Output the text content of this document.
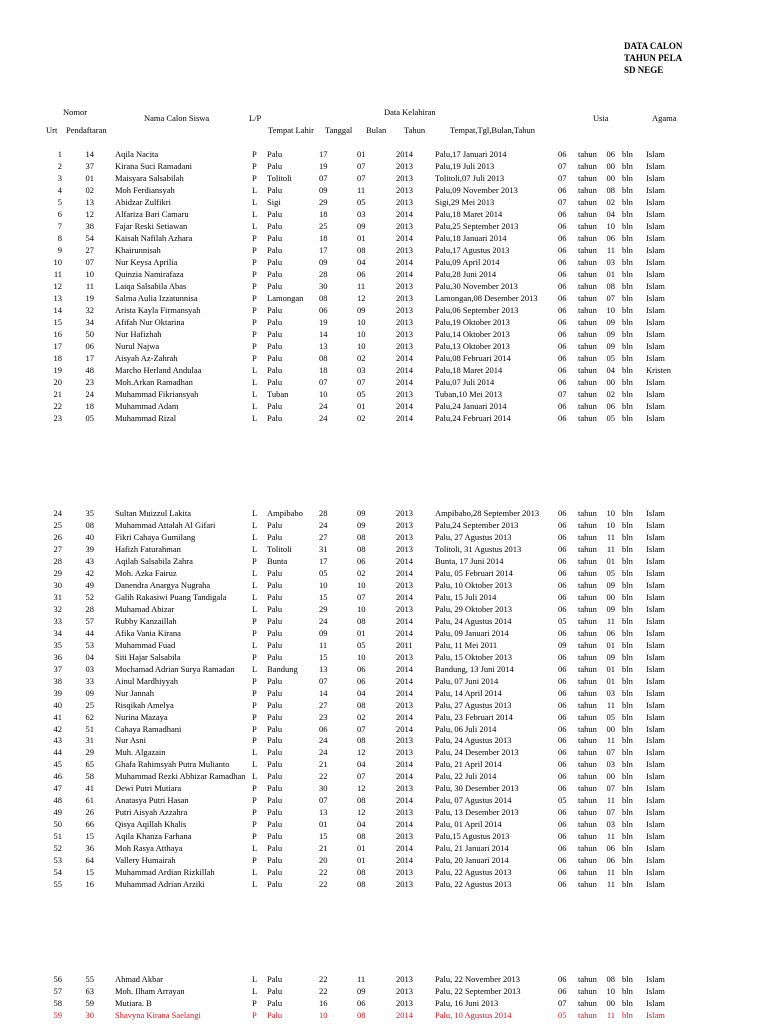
DATA CALON
TAHUN PELA
SD NEGE
Nomor
Nama Calon Siswa	L/P
Data Kelahiran
Usia	Agama
Urt Pendaftaran	Tempat Lahir Tanggal Bulan Tahun	Tempat,Tgl,Bulan,Tahun
1	14 Aqila Nacita	P	Palu	17	01	2014	Palu,17 Januari 2014	06	tahun	06 bln	Islam
2	37 Kirana Suci Ramadani	P	Palu	19	07	2013	Palu,19 Juli 2013	07	tahun	00 bln	Islam
3	01 Maisyara Salsabilah	P	Tolitoli	07	07	2013	Tolitoli,07 Juli 2013	07	tahun	00 bln	Islam
4	02 Moh Ferdiansyah	L	Palu	09	11	2013	Palu,09 November 2013	06	tahun	08 bln	Islam
5	13 Abidzar Zulfikri	L	Sigi	29	05	2013	Sigi,29 Mei 2013	07	tahun	02 bln	Islam
6	12 Alfariza Bari Camaru	L	Palu	18	03	2014	Palu,18 Maret 2014	06	tahun	04 bln	Islam
7	38 Fajar Reski Setiawan	L	Palu	25	09	2013	Palu,25 September 2013	06	tahun	10 bln	Islam
8	54 Kaisah Nafilah Azhara	P	Palu	18	01	2014	Palu,18 Januari 2014	06	tahun	06 bln	Islam
9	27 Khairunnisah	P	Palu	17	08	2013	Palu,17 Agustus 2013	06	tahun	11 bln	Islam
10	07 Nur Keysa Aprilia	P	Palu	09	04	2014	Palu,09 April 2014	06	tahun	03 bln	Islam
11	10 Quinzia Namirafaza	P	Palu	28	06	2014	Palu,28 Juni 2014	06	tahun	01 bln	Islam
12	11 Laiqa Salsabila Abas	P	Palu	30	11	2013	Palu,30 November 2013	06	tahun	08 bln	Islam
13	19 Salma Aulia Izzatunnisa	P	Lamongan	08	12	2013	Lamongan,08 Desember 2013	06	tahun	07 bln	Islam
14	32 Arista Kayla Firmansyah	P	Palu	06	09	2013	Palu,06 September 2013	06	tahun	10 bln	Islam
15	34 Afifah Nur Oktarina	P	Palu	19	10	2013	Palu,19 Oktober 2013	06	tahun	09 bln	Islam
16	50 Nur Hafizhah	P	Palu	14	10	2013	Palu,14 Oktober 2013	06	tahun	09 bln	Islam
17	06 Nurul Najwa	P	Palu	13	10	2013	Palu,13 Oktober 2013	06	tahun	09 bln	Islam
18	17 Aisyah Az-Zahrah	P	Palu	08	02	2014	Palu,08 Februari 2014	06	tahun	05 bln	Islam
19	48 Marcho Herland Andulaa	L	Palu	18	03	2014	Palu,18 Maret 2014	06	tahun	04 bln	Kristen
20	23 Moh.Arkan Ramadhan	L	Palu	07	07	2014	Palu,07 Juli 2014	06	tahun	00 bln	Islam
21	24 Muhammad Fikriansyah	L	Tuban	10	05	2013	Tuban,10 Mei 2013	07	tahun	02 bln	Islam
22	18 Muhammad Adam	L	Palu	24	01	2014	Palu,24 Januari 2014	06	tahun	06 bln	Islam
23	05 Muhammad Rizal	L	Palu	24	02	2014	Palu,24 Februari 2014	06	tahun	05 bln	Islam
24	35 Sultan Muizzul Lakita	L	Ampibabo	28	09	2013	Ampibabo,28 September 2013	06	tahun	10 bln	Islam
25	08 Muhammad Attalah Al Gifari	L	Palu	24	09	2013	Palu,24 September 2013	06	tahun	10 bln	Islam
26	40 Fikri Cahaya Gumilang	L	Palu	27	08	2013	Palu, 27 Agustus 2013	06	tahun	11 bln	Islam
27	39 Hafizh Faturahman	L	Tolitoli	31	08	2013	Tolitoli, 31 Agustus 2013	06	tahun	11 bln	Islam
28	43 Aqilah Salsabila Zahra	P	Bunta	17	06	2014	Bunta, 17 Juni 2014	06	tahun	01 bln	Islam
29	42 Moh. Azka Fairuz	L	Palu	05	02	2014	Palu, 05 Februari 2014	06	tahun	05 bln	Islam
30	49 Danendra Anargya Nugraha	L	Palu	10	10	2013	Palu, 10 Oktober 2013	06	tahun	09 bln	Islam
31	52 Galih Rakasiwi Puang Tandigala	L	Palu	15	07	2014	Palu, 15 Juli 2014	06	tahun	00 bln	Islam
32	28 Muhamad Abizar	L	Palu	29	10	2013	Palu, 29 Oktober 2013	06	tahun	09 bln	Islam
33	57 Rubby Kanzaillah	P	Palu	24	08	2014	Palu, 24 Agustus 2014	05	tahun	11 bln	Islam
34	44 Afika Vania Kirana	P	Palu	09	01	2014	Palu, 09 Januari 2014	06	tahun	06 bln	Islam
35	53 Muhammad Fuad	L	Palu	11	05	2011	Palu, 11 Mei 2011	09	tahun	01 bln	Islam
36	04 Siti Hajar Salsabila	P	Palu	15	10	2013	Palu, 15 Oktober 2013	06	tahun	09 bln	Islam
37	03 Mochamad Adrian Surya Ramadan	L	Bandung	13	06	2014	Bandung, 13 Juni 2014	06	tahun	01 bln	Islam
38	33 Ainul Mardhiyyah	P	Palu	07	06	2014	Palu, 07 Juni 2014	06	tahun	01 bln	Islam
39	09 Nur Jannah	P	Palu	14	04	2014	Palu, 14 April 2014	06	tahun	03 bln	Islam
40	25 Risqikah Amelya	P	Palu	27	08	2013	Palu, 27 Agustus 2013	06	tahun	11 bln	Islam
41	62 Nurina Mazaya	P	Palu	23	02	2014	Palu, 23 Februari 2014	06	tahun	05 bln	Islam
42	51 Cahaya Ramadhani	P	Palu	06	07	2014	Palu, 06 Juli 2014	06	tahun	00 bln	Islam
43	31 Nur Asni	P	Palu	24	08	2013	Palu, 24 Agustus 2013	06	tahun	11 bln	Islam
44	29 Muh. Algazain	L	Palu	24	12	2013	Palu, 24 Desember 2013	06	tahun	07 bln	Islam
45	65 Ghafa Rahimsyah Putra Mulianto	L	Palu	21	04	2014	Palu, 21 April 2014	06	tahun	03 bln	Islam
46	58 Muhammad Rezki Abhizar Ramadhan L	Palu	22	07	2014	Palu, 22 Juli 2014	06	tahun	00 bln	Islam
47	41 Dewi Putri Mutiara	P	Palu	30	12	2013	Palu, 30 Desember 2013	06	tahun	07 bln	Islam
48	61 Anatasya Putri Hasan	P	Palu	07	08	2014	Palu, 07 Agustus 2014	05	tahun	11 bln	Islam
49	26 Putri Aisyah Azzahra	P	Palu	13	12	2013	Palu, 13 Desember 2013	06	tahun	07 bln	Islam
50	66 Qisya Aqillah Khalis	P	Palu	01	04	2014	Palu, 01 April 2014	06	tahun	03 bln	Islam
51	15 Aqila Khanza Farhana	P	Palu	15	08	2013	Palu,15 Agustus 2013	06	tahun	11 bln	Islam
52	36 Moh Rasya Atthaya	L	Palu	21	01	2014	Palu, 21 Januari 2014	06	tahun	06 bln	Islam
53	64 Vallery Humairah	P	Palu	20	01	2014	Palu, 20 Januari 2014	06	tahun	06 bln	Islam
54	15 Muhammad Ardian Rizkillah	L	Palu	22	08	2013	Palu, 22 Agustus 2013	06	tahun	11 bln	Islam
55	16 Muhammad Adrian Arziki	L	Palu	22	08	2013	Palu, 22 Agustus 2013	06	tahun	11 bln	Islam
56	55 Ahmad Akbar	L	Palu	22	11	2013	Palu, 22 November 2013	06	tahun	08 bln	Islam
57	63 Moh. Ilham Arrayan	L	Palu	22	09	2013	Palu, 22 September 2013	06	tahun	10 bln	Islam
58	59 Mutiara. B	P	Palu	16	06	2013	Palu, 16 Juni 2013	07	tahun	00 bln	Islam
59	30 Shavyna Kirana Saelangi	P	Palu	10	08	2014	Palu, 10 Agustus 2014	05	tahun	11 bln	Islam
